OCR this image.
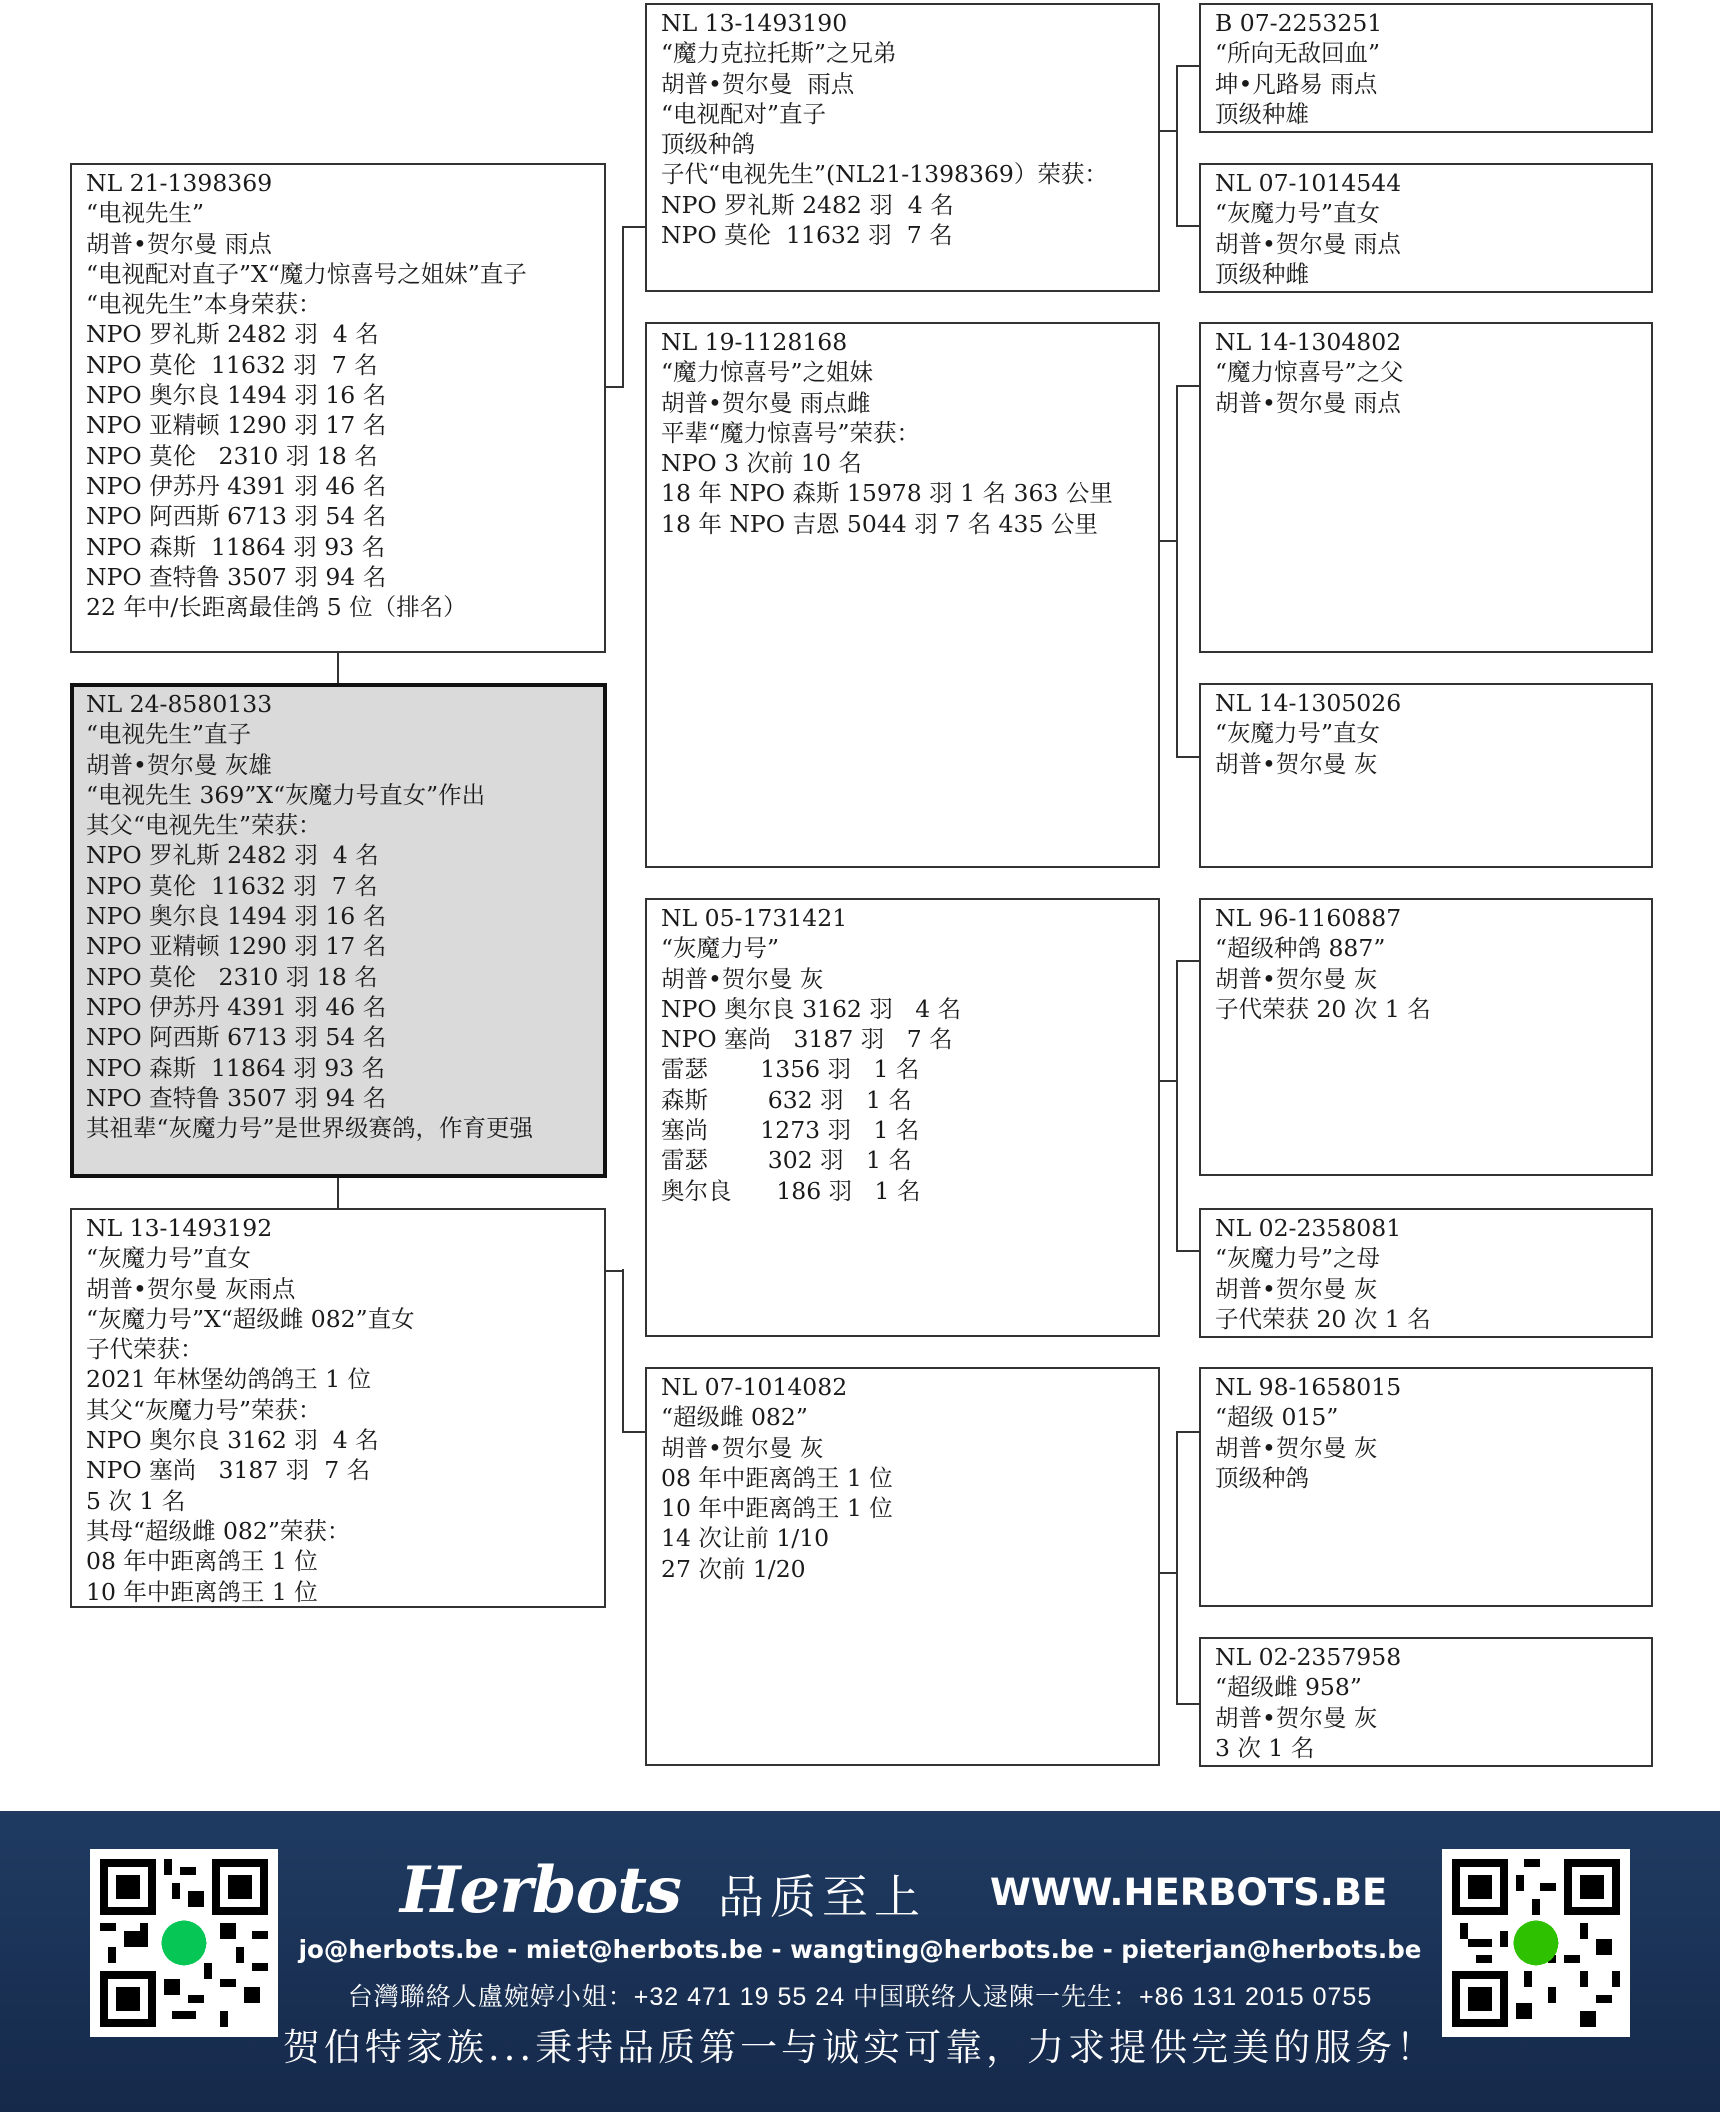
NL 21-1398369
“电视先生”
胡普•贺尔曼 雨点
“电视配对直子”X“魔力惊喜号之姐妹”直子
“电视先生”本身荣获：
NPO 罗礼斯 2482 羽  4 名
NPO 莫伦  11632 羽  7 名
NPO 奥尔良 1494 羽 16 名
NPO 亚精顿 1290 羽 17 名
NPO 莫伦   2310 羽 18 名
NPO 伊苏丹 4391 羽 46 名
NPO 阿西斯 6713 羽 54 名
NPO 森斯  11864 羽 93 名
NPO 查特鲁 3507 羽 94 名
22 年中/长距离最佳鸽 5 位（排名）
NL 24-8580133
“电视先生”直子
胡普•贺尔曼 灰雄
“电视先生 369”X“灰魔力号直女”作出
其父“电视先生”荣获：
NPO 罗礼斯 2482 羽  4 名
NPO 莫伦  11632 羽  7 名
NPO 奥尔良 1494 羽 16 名
NPO 亚精顿 1290 羽 17 名
NPO 莫伦   2310 羽 18 名
NPO 伊苏丹 4391 羽 46 名
NPO 阿西斯 6713 羽 54 名
NPO 森斯  11864 羽 93 名
NPO 查特鲁 3507 羽 94 名
其祖辈“灰魔力号”是世界级赛鸽，作育更强
NL 13-1493192
“灰魔力号”直女
胡普•贺尔曼 灰雨点
“灰魔力号”X“超级雌 082”直女
子代荣获：
2021 年林堡幼鸽鸽王 1 位
其父“灰魔力号”荣获：
NPO 奥尔良 3162 羽  4 名
NPO 塞尚   3187 羽  7 名
5 次 1 名
其母“超级雌 082”荣获：
08 年中距离鸽王 1 位
10 年中距离鸽王 1 位
NL 13-1493190
“魔力克拉托斯”之兄弟
胡普•贺尔曼  雨点
“电视配对”直子
顶级种鸽
子代“电视先生”(NL21-1398369）荣获：
NPO 罗礼斯 2482 羽  4 名
NPO 莫伦  11632 羽  7 名
NL 19-1128168
“魔力惊喜号”之姐妹
胡普•贺尔曼 雨点雌
平辈“魔力惊喜号”荣获：
NPO 3 次前 10 名
18 年 NPO 森斯 15978 羽 1 名 363 公里
18 年 NPO 吉恩 5044 羽 7 名 435 公里
NL 05-1731421
“灰魔力号”
胡普•贺尔曼 灰
NPO 奥尔良 3162 羽   4 名
NPO 塞尚   3187 羽   7 名
雷瑟       1356 羽   1 名
森斯        632 羽   1 名
塞尚       1273 羽   1 名
雷瑟        302 羽   1 名
奥尔良      186 羽   1 名
NL 07-1014082
“超级雌 082”
胡普•贺尔曼 灰
08 年中距离鸽王 1 位
10 年中距离鸽王 1 位
14 次让前 1/10
27 次前 1/20
B 07-2253251
“所向无敌回血”
坤•凡路易 雨点
顶级种雄
NL 07-1014544
“灰魔力号”直女
胡普•贺尔曼 雨点
顶级种雌
NL 14-1304802
“魔力惊喜号”之父
胡普•贺尔曼 雨点
NL 14-1305026
“灰魔力号”直女
胡普•贺尔曼 灰
NL 96-1160887
“超级种鸽 887”
胡普•贺尔曼 灰
子代荣获 20 次 1 名
NL 02-2358081
“灰魔力号”之母
胡普•贺尔曼 灰
子代荣获 20 次 1 名
NL 98-1658015
“超级 015”
胡普•贺尔曼 灰
顶级种鸽
NL 02-2357958
“超级雌 958”
胡普•贺尔曼 灰
3 次 1 名
Herbots 品质至上 WWW.HERBOTS.BE
jo@herbots.be - miet@herbots.be - wangting@herbots.be - pieterjan@herbots.be
台灣聯絡人盧婉婷小姐：+32 471 19 55 24 中国联络人逯陳一先生：+86 131 2015 0755
贺伯特家族...秉持品质第一与诚实可靠，力求提供完美的服务！
